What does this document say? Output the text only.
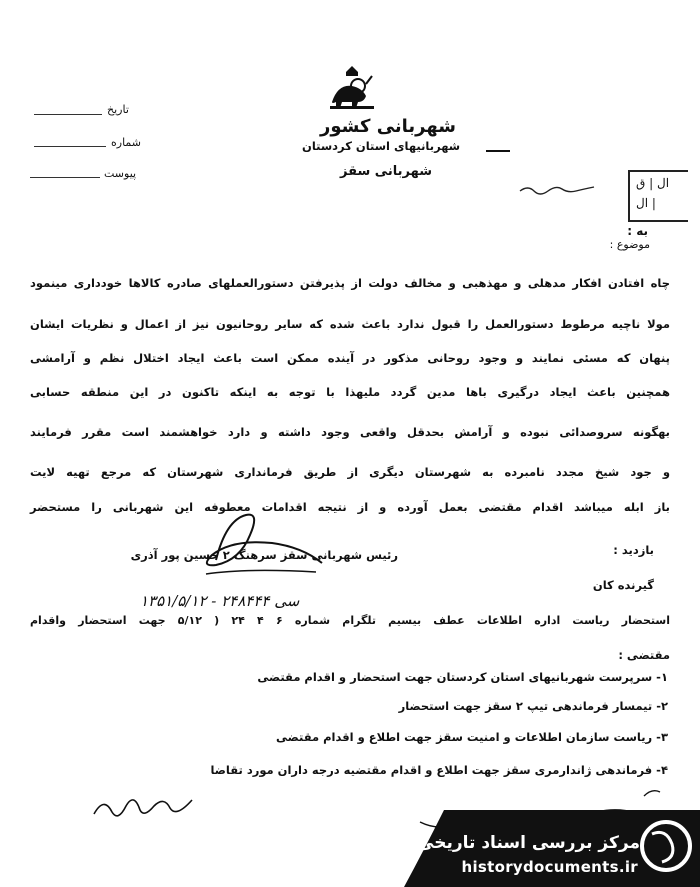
شهربانی کشور
شهربانیهای استان کردستان
شهربانی سقز
تاریخ
شماره
پیوست
ال | ق
ال |
به :
موضوع :
چاه افتادن افکار مدهلی و مهذهبی و مخالف دولت از پذیرفتن دستورالعملهای صادره کالاها خودداری مینمود
مولا ناچیه مرطوط دستورالعمل را قبول ندارد باعث شده که سایر روحانیون نیز از اعمال و نظریات ایشان
پنهان که مسئی نمایند و وجود روحانی مذکور در آینده ممکن است باعث ایجاد اختلال نظم و آرامشی
همچنین باعث ایجاد درگیری باها مدین گردد ملیهذا با توجه به اینکه تاکنون در این منطقه حسابی
بهگونه سروصدائی نبوده و آرامش بحدقل واقعی وجود داشته و دارد خواهشمند است مقرر فرمایند
و جود شیخ مجدد نامبرده به شهرستان دیگری از طریق فرمانداری شهرستان که مرجع تهیه لایت
باز ابله میباشد اقدام مقتضی بعمل آورده و از نتیجه اقدامات معطوفه این شهربانی را مستحضر
رئیس شهربانی سقز سرهنگ ۲ حسین پور آذری	بازدید :
گیرنده کان
۱۳۵۱/۵/۱۲ - ۲۴۸۴۴۴ سی
استحضار ریاست اداره اطلاعات عطف بیسیم تلگرام شماره ۶ ۴ ۲۴ ( ۵/۱۲ جهت استحضار واقدام
مقتضی :
۱- سرپرست شهربانیهای استان کردستان جهت استحضار و اقدام مقتضی
۲- تیمسار فرماندهی تیپ ۲ سقز جهت استحضار
۳- ریاست سازمان اطلاعات و امنیت سقز جهت اطلاع و اقدام مقتضی
۴- فرماندهی ژاندارمری سقز جهت اطلاع و اقدام مقتضیه درجه داران مورد تقاضا
مرکز بررسی اسناد تاریخی
historydocuments.ir
